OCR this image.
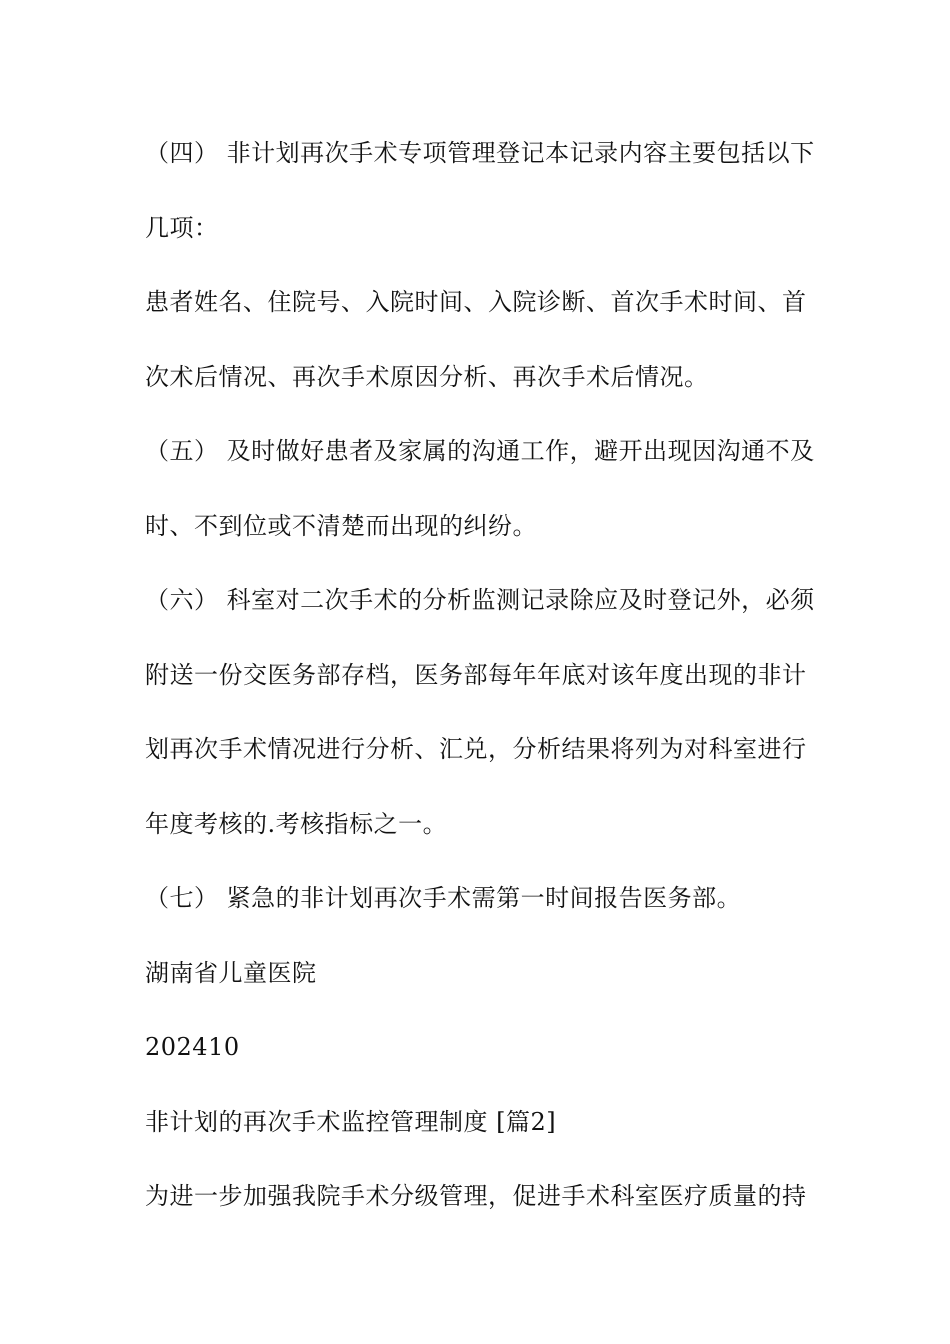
（四） 非计划再次手术专项管理登记本记录内容主要包括以下
几项：
患者姓名、住院号、入院时间、入院诊断、首次手术时间、首
次术后情况、再次手术原因分析、再次手术后情况。
（五） 及时做好患者及家属的沟通工作，避开出现因沟通不及
时、不到位或不清楚而出现的纠纷。
（六） 科室对二次手术的分析监测记录除应及时登记外，必须
附送一份交医务部存档，医务部每年年底对该年度出现的非计
划再次手术情况进行分析、汇兑，分析结果将列为对科室进行
年度考核的.考核指标之一。
（七） 紧急的非计划再次手术需第一时间报告医务部。
湖南省儿童医院
202410
非计划的再次手术监控管理制度 [篇2]
为进一步加强我院手术分级管理，促进手术科室医疗质量的持
